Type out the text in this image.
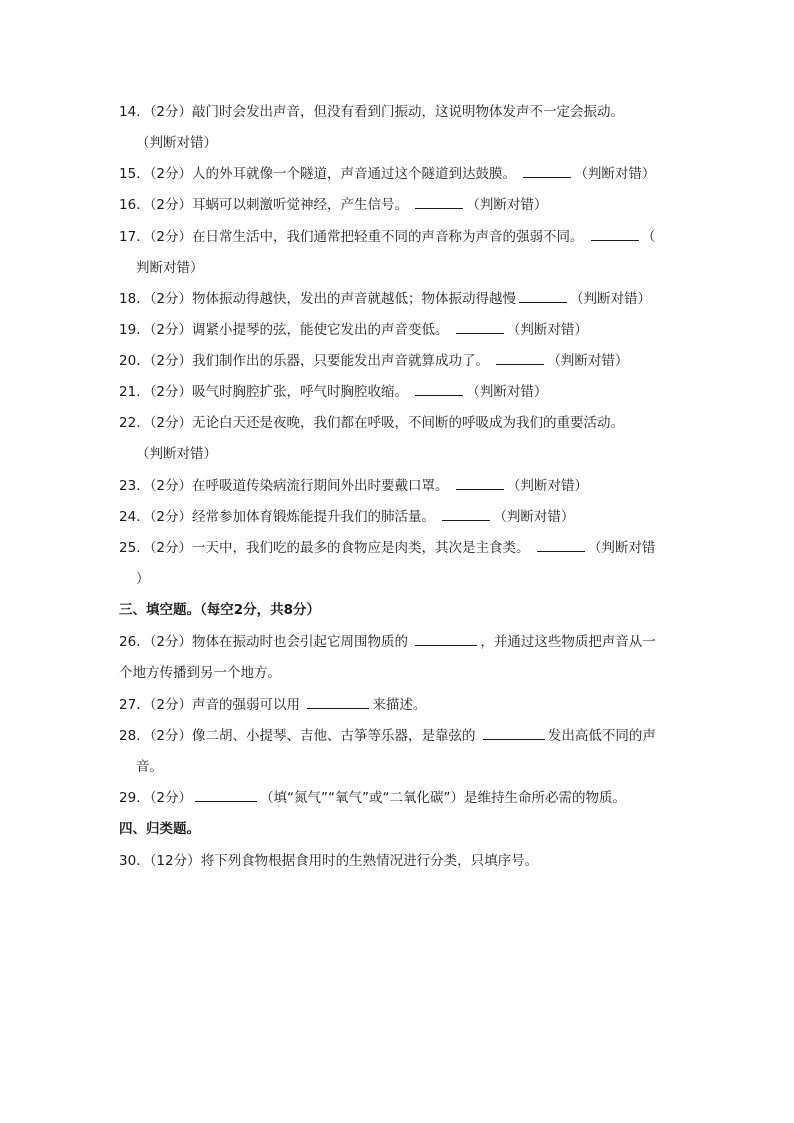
14．（2分）敲门时会发出声音，但没有看到门振动，这说明物体发声不一定会振动。
（判断对错）
15．（2分）人的外耳就像一个隧道，声音通过这个隧道到达鼓膜。	（判断对错）
16．（2分）耳蜗可以刺激听觉神经，产生信号。	（判断对错）
17．（2分）在日常生活中，我们通常把轻重不同的声音称为声音的强弱不同。	（
判断对错）
18．（2分）物体振动得越快，发出的声音就越低；物体振动得越慢	（判断对错）
19．（2分）调紧小提琴的弦，能使它发出的声音变低。	（判断对错）
20．（2分）我们制作出的乐器，只要能发出声音就算成功了。	（判断对错）
21．（2分）吸气时胸腔扩张，呼气时胸腔收缩。	（判断对错）
22．（2分）无论白天还是夜晚，我们都在呼吸，不间断的呼吸成为我们的重要活动。
（判断对错）
23．（2分）在呼吸道传染病流行期间外出时要戴口罩。	（判断对错）
24．（2分）经常参加体育锻炼能提升我们的肺活量。	（判断对错）
25．（2分）一天中，我们吃的最多的食物应是肉类，其次是主食类。	（判断对错
）
三、填空题。（每空2分，共8分）
26．（2分）物体在振动时也会引起它周围物质的	，并通过这些物质把声音从一
个地方传播到另一个地方。
27．（2分）声音的强弱可以用	来描述。
28．（2分）像二胡、小提琴、吉他、古筝等乐器，是靠弦的	发出高低不同的声
音。
29．（2分）	（填“氮气”“氧气”或“二氧化碳”）是维持生命所必需的物质。
四、归类题。
30．（12分）将下列食物根据食用时的生熟情况进行分类，只填序号。
